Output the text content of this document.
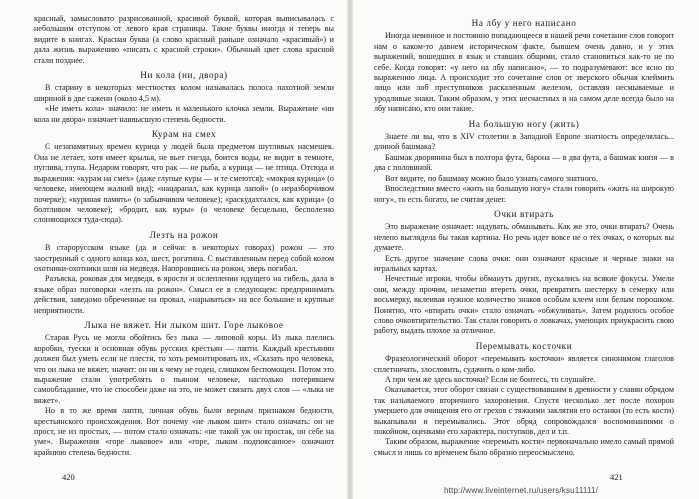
красный, замысловато разрисованной, красивой буквой, которая выписывалась с небольшим отступом от левого края страницы. Такие буквы иногда и теперь вы видите в книгах. Красная буква (а слово красный раньше означало «красивый») и дала жизнь выражению «писать с красной строки». Обычный цвет слова красной стали позднее.

Ни кола (ни, двора)

В старину в некоторых местностях колом называлась полоса пахотной земли шириной в две сажени (около 4,5 м).

«Не иметь кола» значило: не иметь и маленького клочка земли. Выражение «ни кола ни двора» означает наивысшую степень бедности.

Курам на смех

С незапамятных времен курица у людей была предметом шутливых насмешек. Она не летает, хотя имеет крылья, не вьет гнезда, боится воды, не видит в темноте, пуглива, глупа. Недаром говорят, что рак — не рыба, а курица — не птица. Отсюда и выражения: «курам на смех» (даже глупые куры — и те смеются); «мокрая курица» (о человеке, имеющем жалкий вид); «нацарапал, как курица лапой» (о неразборчивом почерке); «куриная память» (о забывчивом человеке); «раскудахтался, как курица» (о болтливом человеке); «бродит, как куры» (о человеке бесцельно, бесполезно слоняющихся туда-сюда).

Лезть на рожон

В старорусском языке (да и сейчас в некоторых говорах) рожон — это заостренный с одного конца кол, шест, рогатина. С выставленным перед собой колом охотники-охотники шли на медведя. Напоровшись на рожон, зверь погибал.

Разъяска, роковая для медведя, в ярости и ослеплении идущего на гибель, дала в языке образ поговорки «лезть на рожон». Смысл ее в следующем: предпринимать действия, заведомо обреченные на провал, «нарываться» на все большие и крупные неприятности.

Лыка не вяжет. Ни лыком шит. Горе лыковое

Старая Русь не могла обойтись без лыка — липовой коры. Из лыка плелись коробки, туески и основная обувь русских крестьян — лапти. Каждый крестьянин должен был уметь если не плести, то хоть ремонтировать их. «Сказать про человека, что он лыка не вяжет, значит: он ни к чему не годен, слишком беспомощен. Потом это выражение стали употреблять о пьяном человеке, настолько потерявшем самообладание, что не способен даже на это, не может связать двух слов — «лыка не вяжет».

Но в то же время лапти, личная обувь были верным признаком бедности, крестьянского происхождения. Вот почему «не лыком шит» стало означать: он не прост, не из простых, — потом стало означать: «не такой уж он простак, он себе на уме». Выражения «горе лыковое» или «горе, лыком подпоясанное» означают крайнюю степень бедности.

420

На лбу у него написано

Иногда невинное и постоянно попадающееся в нашей речи сочетание слов говорит нам о каком-то давнем историческом факте, бывшем очень давно, и у этих выражений, вошедших в язык и ставших общими, стало становиться как-то не по себе. Когда говорят: «у него на лбу написано», — то подразумевают: все ясно по выражению лица. А происходит это сочетание слов от зверского обычая клеймить лицо или лоб преступников раскаленным железом, оставляя несмываемые и уродливые знаки. Таким образом, у этих несчастных и на самом деле всегда было на лбу написано, кто они такие.

На большую ногу (жить)

Знаете ли вы, что в XIV столетии в Западной Европе знатность определялась... длиной башмака?

Башмак дворянина был в полтора фута, барона — в два фута, а башмак князя — в два с половиной.

Вот видите, по башмаку можно было узнать самого знатного.

Впоследствии вместо «жить на большую ногу» стали говорить «жить на широкую ногу», то есть богато, не считая денег.

Очки втирать

Это выражение означает: надувать, обманывать. Как же это, очки втирать? Очень нелепо выглядела бы такая картина. Но речь идет вовсе не о тех очках, о которых вы думаете.

Есть другое значение слова очки: они означают красные и черные знаки на игральных картах.

Нечестные игроки, чтобы обмануть других, пускались на всякие фокусы. Умели они, между прочим, незаметно втереть очки, превратить шестерку в семерку или восьмерку, вклеивая нужное количество знаков особым клеем или белым порошком. Понятно, что «втирать очки» стало означать «обжуливать». Затем родилось особое слово очковтирательство. Так стали говорить о ловкачах, умеющих приукрасить свою работу, выдать плохое за отличное.

Перемывать косточки

Фразеологический оборот «перемывать косточки» является синонимом глаголов сплетничать, злословить, судачить о ком-либо.

А при чем же здесь косточки? Если не боитесь, то слушайте.

Оказывается, этот оборот связан с существовавшим в древности у славян обрядом так называемого вторичного захоронения. Спустя несколько лет после похорон умершего для очищения его от грехов с тяжкими заклятия его останки (то есть кости) выкапывали и перемывались. Этот обряд сопровождался воспоминаниями о покойном, оценками его характера, поступков, дел и т.п.

Таким образом, выражение «перемыть кости» первоначально имело самый прямой смысл и лишь со временем было образно переосмыслено.

421
http://www.liveinternet.ru/users/ksu11111/
